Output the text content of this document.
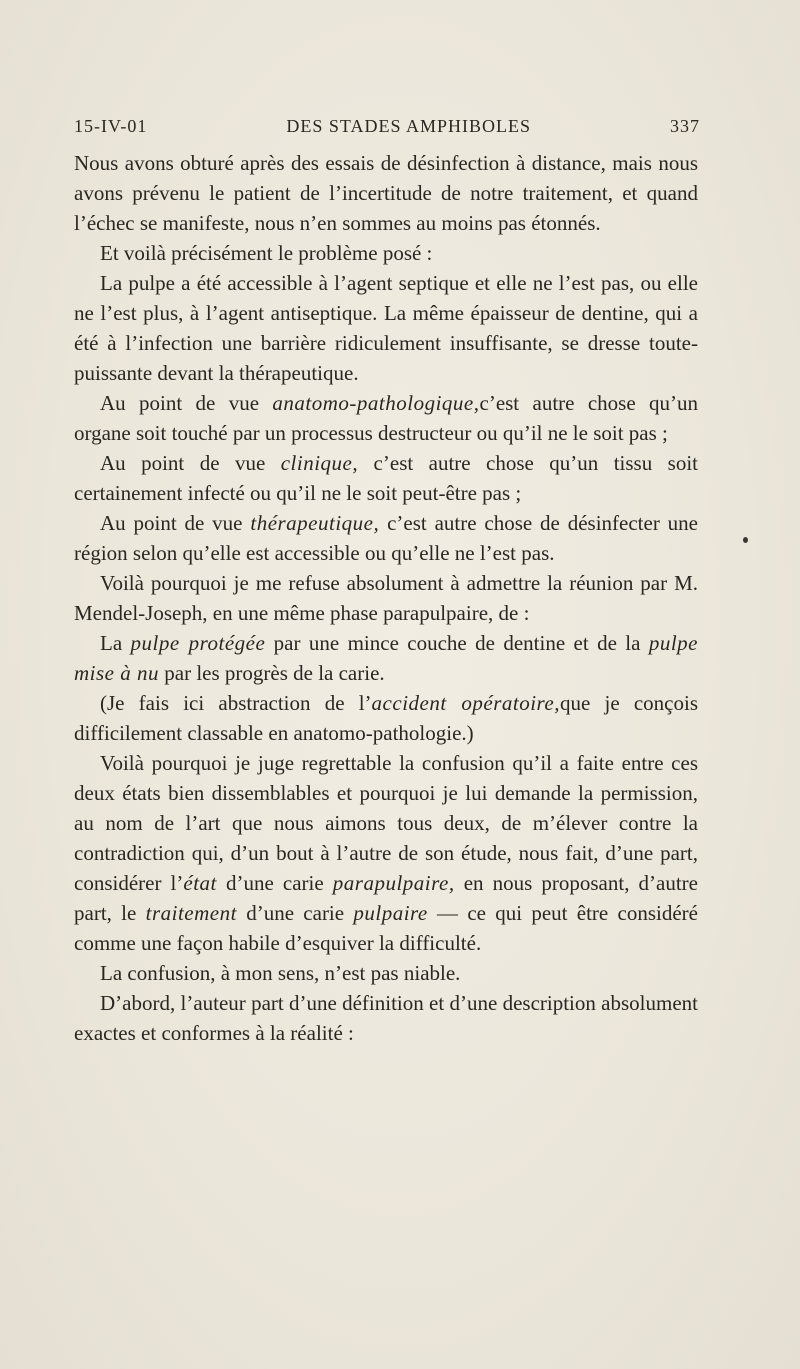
15-IV-01	DES STADES AMPHIBOLES	337

Nous avons obturé après des essais de désinfection à distance, mais nous avons prévenu le patient de l’incertitude de notre traitement, et quand l’échec se manifeste, nous n’en sommes au moins pas étonnés.

Et voilà précisément le problème posé :

La pulpe a été accessible à l’agent septique et elle ne l’est pas, ou elle ne l’est plus, à l’agent antiseptique. La même épaisseur de dentine, qui a été à l’infection une barrière ridiculement insuffisante, se dresse toute-puissante devant la thérapeutique.

Au point de vue anatomo-pathologique,c’est autre chose qu’un organe soit touché par un processus destructeur ou qu’il ne le soit pas ;

Au point de vue clinique, c’est autre chose qu’un tissu soit certainement infecté ou qu’il ne le soit peut-être pas ;

Au point de vue thérapeutique, c’est autre chose de désinfecter une région selon qu’elle est accessible ou qu’elle ne l’est pas.

Voilà pourquoi je me refuse absolument à admettre la réunion par M. Mendel-Joseph, en une même phase parapulpaire, de :

La pulpe protégée par une mince couche de dentine et de la pulpe mise à nu par les progrès de la carie.

(Je fais ici abstraction de l’accident opératoire,que je conçois difficilement classable en anatomo-pathologie.)

Voilà pourquoi je juge regrettable la confusion qu’il a faite entre ces deux états bien dissemblables et pourquoi je lui demande la permission, au nom de l’art que nous aimons tous deux, de m’élever contre la contradiction qui, d’un bout à l’autre de son étude, nous fait, d’une part, considérer l’état d’une carie parapulpaire, en nous proposant, d’autre part, le traitement d’une carie pulpaire — ce qui peut être considéré comme une façon habile d’esquiver la difficulté.

La confusion, à mon sens, n’est pas niable.

D’abord, l’auteur part d’une définition et d’une description absolument exactes et conformes à la réalité :
